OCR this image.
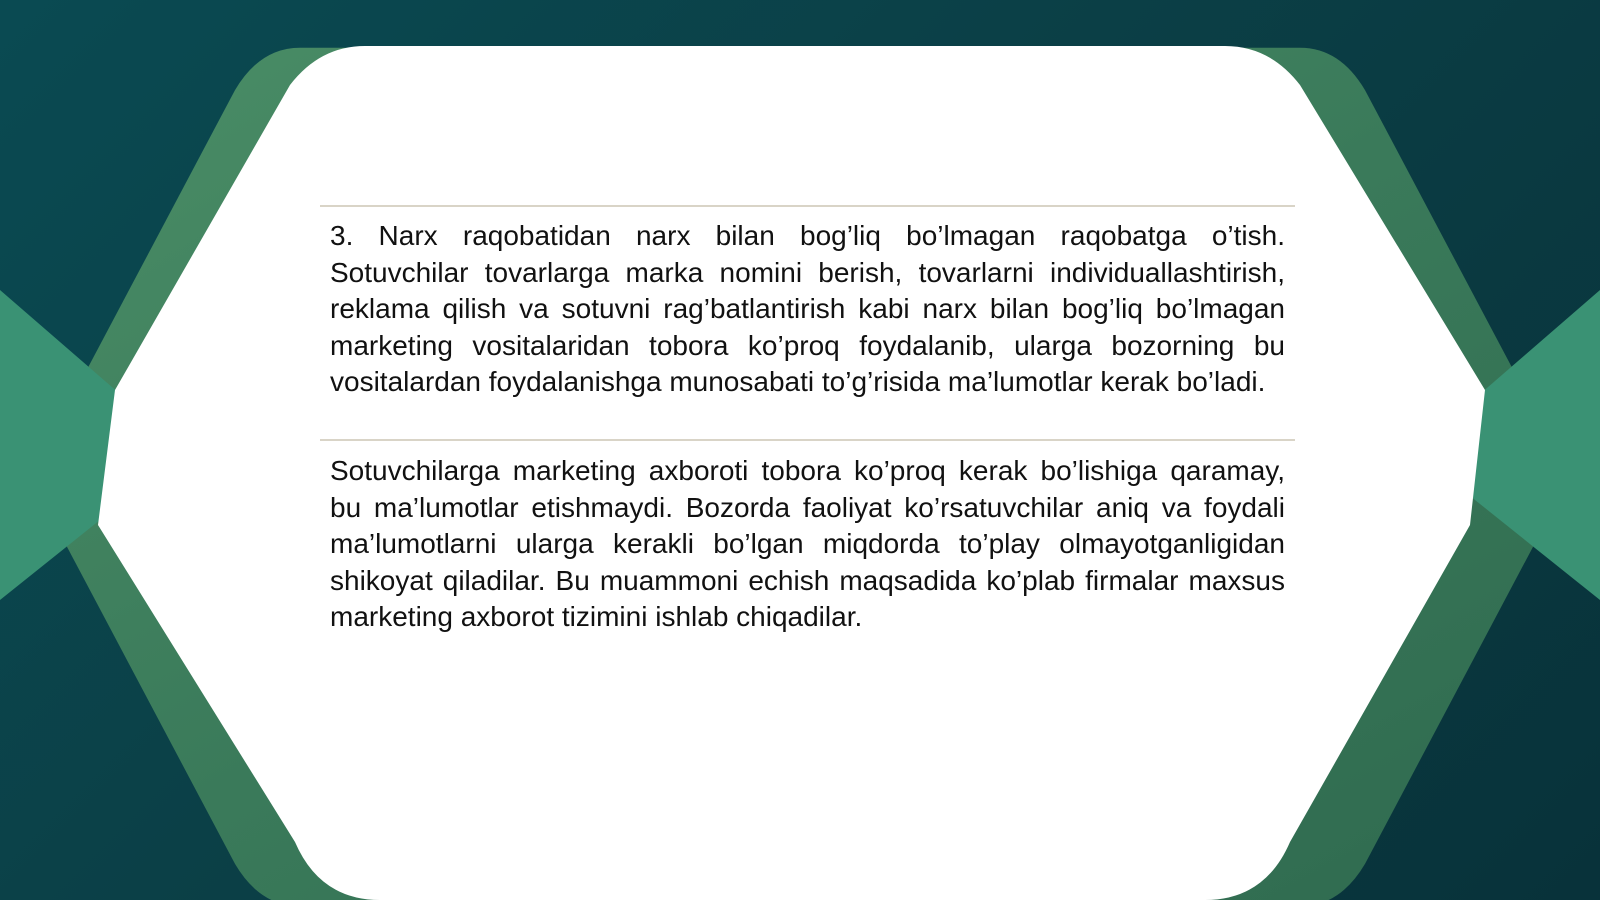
3. Narx raqobatidan narx bilan bog’liq bo’lmagan raqobatga o’tish. Sotuvchilar tovarlarga marka nomini berish, tovarlarni individuallashtirish, reklama qilish va sotuvni rag’batlantirish kabi narx bilan bog’liq bo’lmagan marketing vositalaridan tobora ko’proq foydalanib, ularga bozorning bu vositalardan foydalanishga munosabati to’g’risida ma’lumotlar kerak bo’ladi.

Sotuvchilarga marketing axboroti tobora ko’proq kerak bo’lishiga qaramay, bu ma’lumotlar etishmaydi. Bozorda faoliyat ko’rsatuvchilar aniq va foydali ma’lumotlarni ularga kerakli bo’lgan miqdorda to’play olmayotganligidan shikoyat qiladilar. Bu muammoni echish maqsadida ko’plab firmalar maxsus marketing axborot tizimini ishlab chiqadilar.
